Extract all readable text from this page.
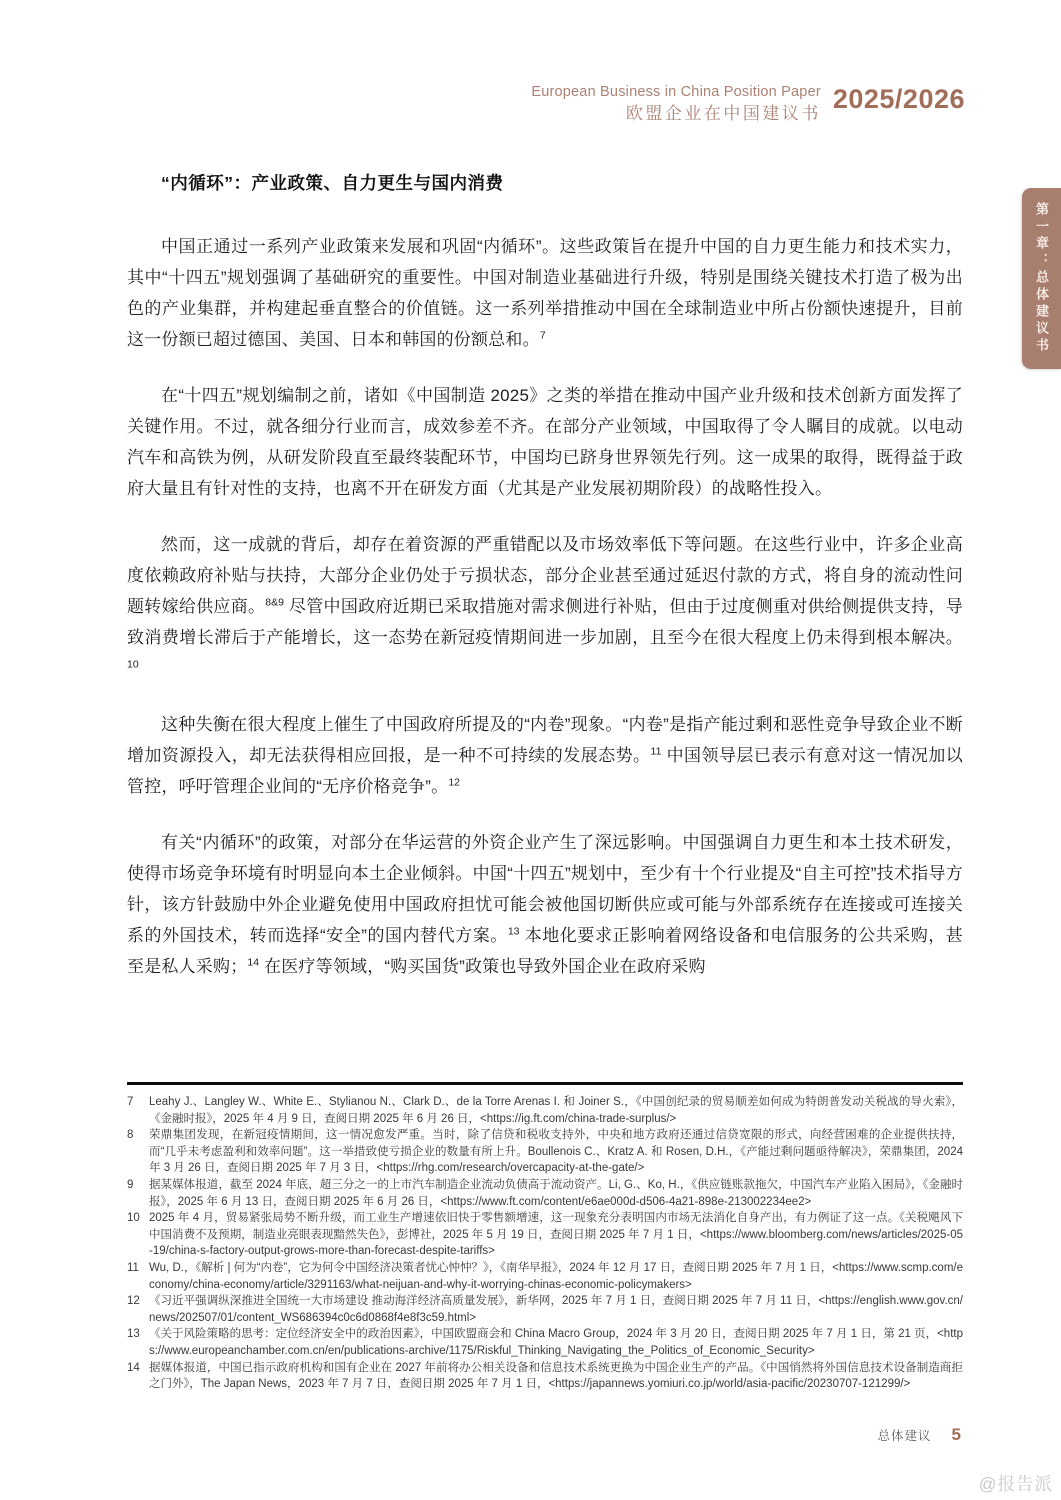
European Business in China Position Paper
欧盟企业在中国建议书 2025/2026
第一章：总体建议书
“内循环”：产业政策、自力更生与国内消费

中国正通过一系列产业政策来发展和巩固“内循环”。这些政策旨在提升中国的自力更生能力和技术实力，其中“十四五”规划强调了基础研究的重要性。中国对制造业基础进行升级，特别是围绕关键技术打造了极为出色的产业集群，并构建起垂直整合的价值链。这一系列举措推动中国在全球制造业中所占份额快速提升，目前这一份额已超过德国、美国、日本和韩国的份额总和。$^7$

在“十四五”规划编制之前，诸如《中国制造 2025》之类的举措在推动中国产业升级和技术创新方面发挥了关键作用。不过，就各细分行业而言，成效参差不齐。在部分产业领域，中国取得了令人瞩目的成就。以电动汽车和高铁为例，从研发阶段直至最终装配环节，中国均已跻身世界领先行列。这一成果的取得，既得益于政府大量且有针对性的支持，也离不开在研发方面（尤其是产业发展初期阶段）的战略性投入。

然而，这一成就的背后，却存在着资源的严重错配以及市场效率低下等问题。在这些行业中，许多企业高度依赖政府补贴与扶持，大部分企业仍处于亏损状态，部分企业甚至通过延迟付款的方式，将自身的流动性问题转嫁给供应商。$^{8\&9}$ 尽管中国政府近期已采取措施对需求侧进行补贴，但由于过度侧重对供给侧提供支持，导致消费增长滞后于产能增长，这一态势在新冠疫情期间进一步加剧，且至今在很大程度上仍未得到根本解决。$^{10}$

这种失衡在很大程度上催生了中国政府所提及的“内卷”现象。“内卷”是指产能过剩和恶性竞争导致企业不断增加资源投入，却无法获得相应回报，是一种不可持续的发展态势。$^{11}$ 中国领导层已表示有意对这一情况加以管控，呼吁管理企业间的“无序价格竞争”。$^{12}$

有关“内循环”的政策，对部分在华运营的外资企业产生了深远影响。中国强调自力更生和本土技术研发，使得市场竞争环境有时明显向本土企业倾斜。中国“十四五”规划中，至少有十个行业提及“自主可控”技术指导方针，该方针鼓励中外企业避免使用中国政府担忧可能会被他国切断供应或可能与外部系统存在连接或可连接关系的外国技术，转而选择“安全”的国内替代方案。$^{13}$ 本地化要求正影响着网络设备和电信服务的公共采购，甚至是私人采购；$^{14}$ 在医疗等领域，“购买国货”政策也导致外国企业在政府采购

7	Leahy J.、Langley W.、White E.、Stylianou N.、Clark D.、de la Torre Arenas I. 和 Joiner S.，《中国创纪录的贸易顺差如何成为特朗普发动关税战的导火索》，《金融时报》，2025 年 4 月 9 日，查阅日期 2025 年 6 月 26 日，<https://ig.ft.com/china-trade-surplus/>
8	荣鼎集团发现，在新冠疫情期间，这一情况愈发严重。当时，除了信贷和税收支持外，中央和地方政府还通过信贷宽限的形式，向经营困难的企业提供扶持，而“几乎未考虑盈利和效率问题”。这一举措致使亏损企业的数量有所上升。Boullenois C.、Kratz A. 和 Rosen, D.H.，《产能过剩问题亟待解决》，荣鼎集团，2024 年 3 月 26 日，查阅日期 2025 年 7 月 3 日，<https://rhg.com/research/overcapacity-at-the-gate/>
9	据某媒体报道，截至 2024 年底，超三分之一的上市汽车制造企业流动负债高于流动资产。Li, G.、Ko, H.，《供应链账款拖欠，中国汽车产业陷入困局》，《金融时报》，2025 年 6 月 13 日，查阅日期 2025 年 6 月 26 日，<https://www.ft.com/content/e6ae000d-d506-4a21-898e-213002234ee2>
10 2025 年 4 月，贸易紧张局势不断升级，而工业生产增速依旧快于零售额增速，这一现象充分表明国内市场无法消化自身产出，有力例证了这一点。《关税飓风下中国消费不及预期，制造业亮眼表现黯然失色》，彭博社，2025 年 5 月 19 日，查阅日期 2025 年 7 月 1 日，<https://www.bloomberg.com/news/articles/2025-05-19/china-s-factory-output-grows-more-than-forecast-despite-tariffs>
11 Wu, D.，《解析 | 何为“内卷”，它为何令中国经济决策者忧心忡忡？》，《南华早报》，2024 年 12 月 17 日，查阅日期 2025 年 7 月 1 日，<https://www.scmp.com/economy/china-economy/article/3291163/what-neijuan-and-why-it-worrying-chinas-economic-policymakers>
12 《习近平强调纵深推进全国统一大市场建设 推动海洋经济高质量发展》，新华网，2025 年 7 月 1 日，查阅日期 2025 年 7 月 11 日，<https://english.www.gov.cn/news/202507/01/content_WS686394c0c6d0868f4e8f3c59.html>
13 《关于风险策略的思考：定位经济安全中的政治因素》，中国欧盟商会和 China Macro Group，2024 年 3 月 20 日，查阅日期 2025 年 7 月 1 日，第 21 页，<https://www.europeanchamber.com.cn/en/publications-archive/1175/Riskful_Thinking_Navigating_the_Politics_of_Economic_Security>
14 据媒体报道，中国已指示政府机构和国有企业在 2027 年前将办公相关设备和信息技术系统更换为中国企业生产的产品。《中国悄然将外国信息技术设备制造商拒之门外》，The Japan News，2023 年 7 月 7 日，查阅日期 2025 年 7 月 1 日，<https://japannews.yomiuri.co.jp/world/asia-pacific/20230707-121299/>
总体建议 5
@报告派
